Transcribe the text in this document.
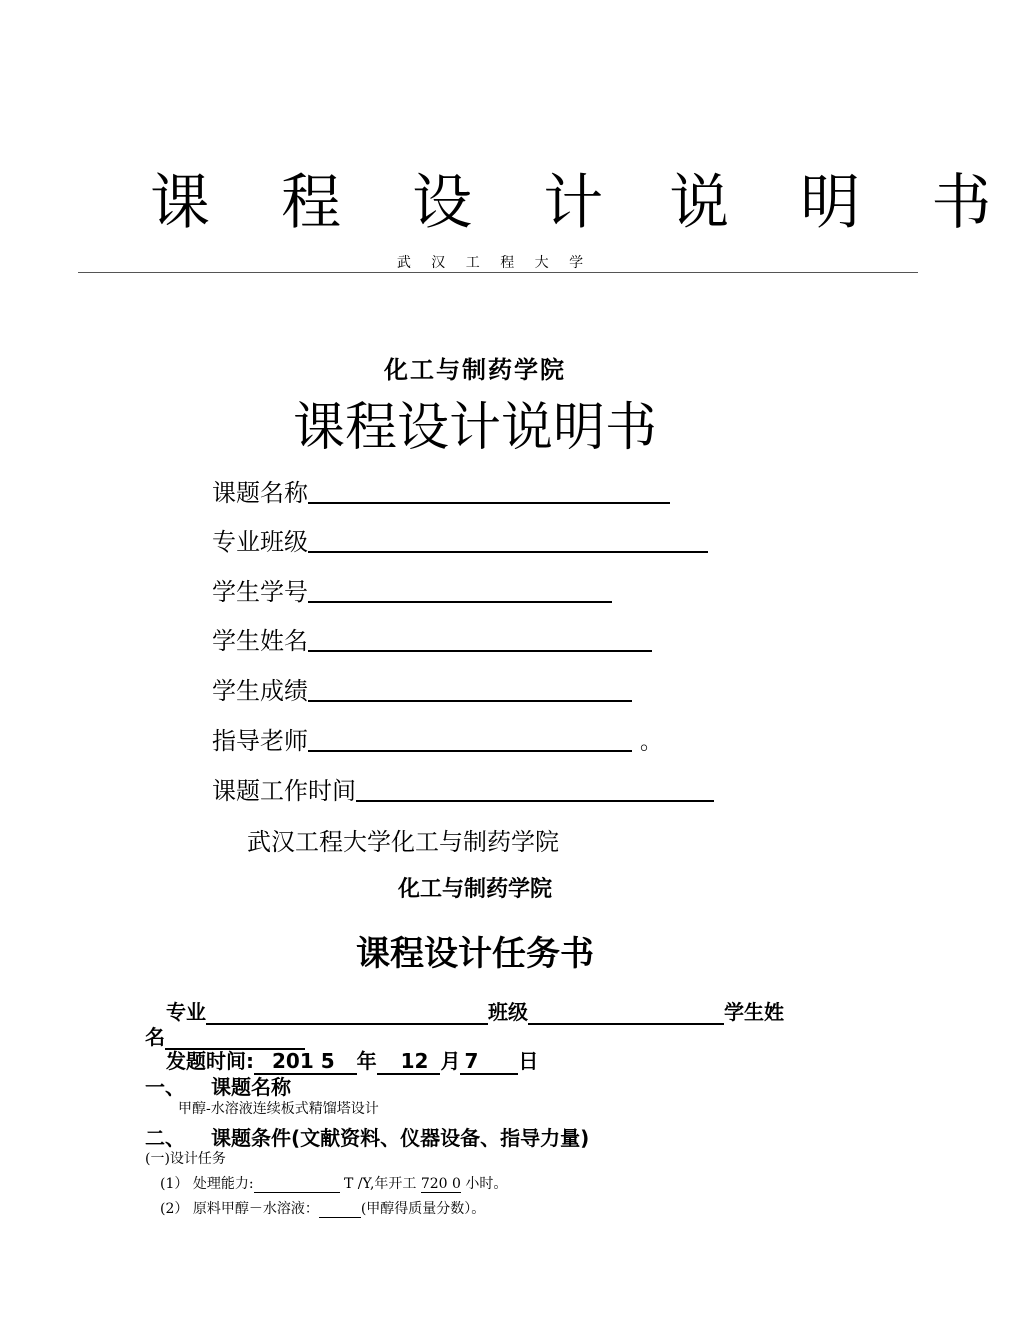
课 程 设 计 说 明 书
武 汉 工 程 大 学
化工与制药学院
课程设计说明书
课题名称
专业班级
学生学号
学生姓名
学生成绩
指导老师	。
课题工作时间
武汉工程大学化工与制药学院
化工与制药学院
课程设计任务书
专业	班级	学生姓
名
发题时间: 201 5 年 12 月 7 日
一、 课题名称
甲醇-水溶液连续板式精馏塔设计
二、 课题条件(文献资料、仪器设备、指导力量)
(一)设计任务
(1） 处理能力:	T /Y,年开工 720 0 小时。
(2） 原料甲醇－水溶液：	(甲醇得质量分数）。
